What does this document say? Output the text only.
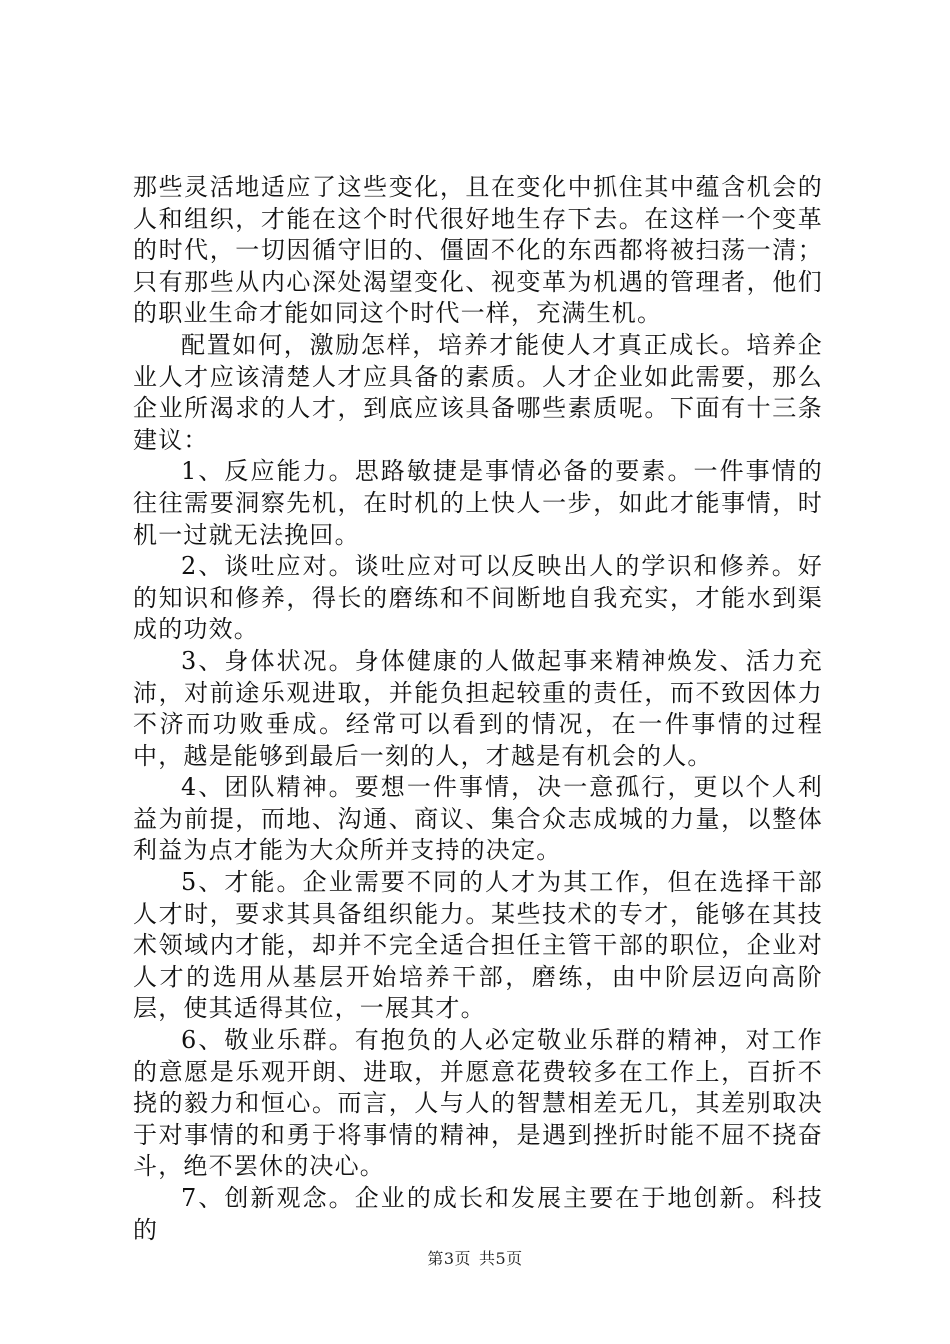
那些灵活地适应了这些变化，且在变化中抓住其中蕴含机会的人和组织，才能在这个时代很好地生存下去。在这样一个变革的时代，一切因循守旧的、僵固不化的东西都将被扫荡一清；只有那些从内心深处渴望变化、视变革为机遇的管理者，他们的职业生命才能如同这个时代一样，充满生机。

配置如何，激励怎样，培养才能使人才真正成长。培养企业人才应该清楚人才应具备的素质。人才企业如此需要，那么企业所渴求的人才，到底应该具备哪些素质呢。下面有十三条建议：

1、反应能力。思路敏捷是事情必备的要素。一件事情的往往需要洞察先机，在时机的上快人一步，如此才能事情，时机一过就无法挽回。

2、谈吐应对。谈吐应对可以反映出人的学识和修养。好的知识和修养，得长的磨练和不间断地自我充实，才能水到渠成的功效。

3、身体状况。身体健康的人做起事来精神焕发、活力充沛，对前途乐观进取，并能负担起较重的责任，而不致因体力不济而功败垂成。经常可以看到的情况，在一件事情的过程中，越是能够到最后一刻的人，才越是有机会的人。

4、团队精神。要想一件事情，决一意孤行，更以个人利益为前提，而地、沟通、商议、集合众志成城的力量，以整体利益为点才能为大众所并支持的决定。

5、才能。企业需要不同的人才为其工作，但在选择干部人才时，要求其具备组织能力。某些技术的专才，能够在其技术领域内才能，却并不完全适合担任主管干部的职位，企业对人才的选用从基层开始培养干部，磨练，由中阶层迈向高阶层，使其适得其位，一展其才。

6、敬业乐群。有抱负的人必定敬业乐群的精神，对工作的意愿是乐观开朗、进取，并愿意花费较多在工作上，百折不挠的毅力和恒心。而言，人与人的智慧相差无几，其差别取决于对事情的和勇于将事情的精神，是遇到挫折时能不屈不挠奋斗，绝不罢休的决心。

7、创新观念。企业的成长和发展主要在于地创新。科技的

第3页 共5页
